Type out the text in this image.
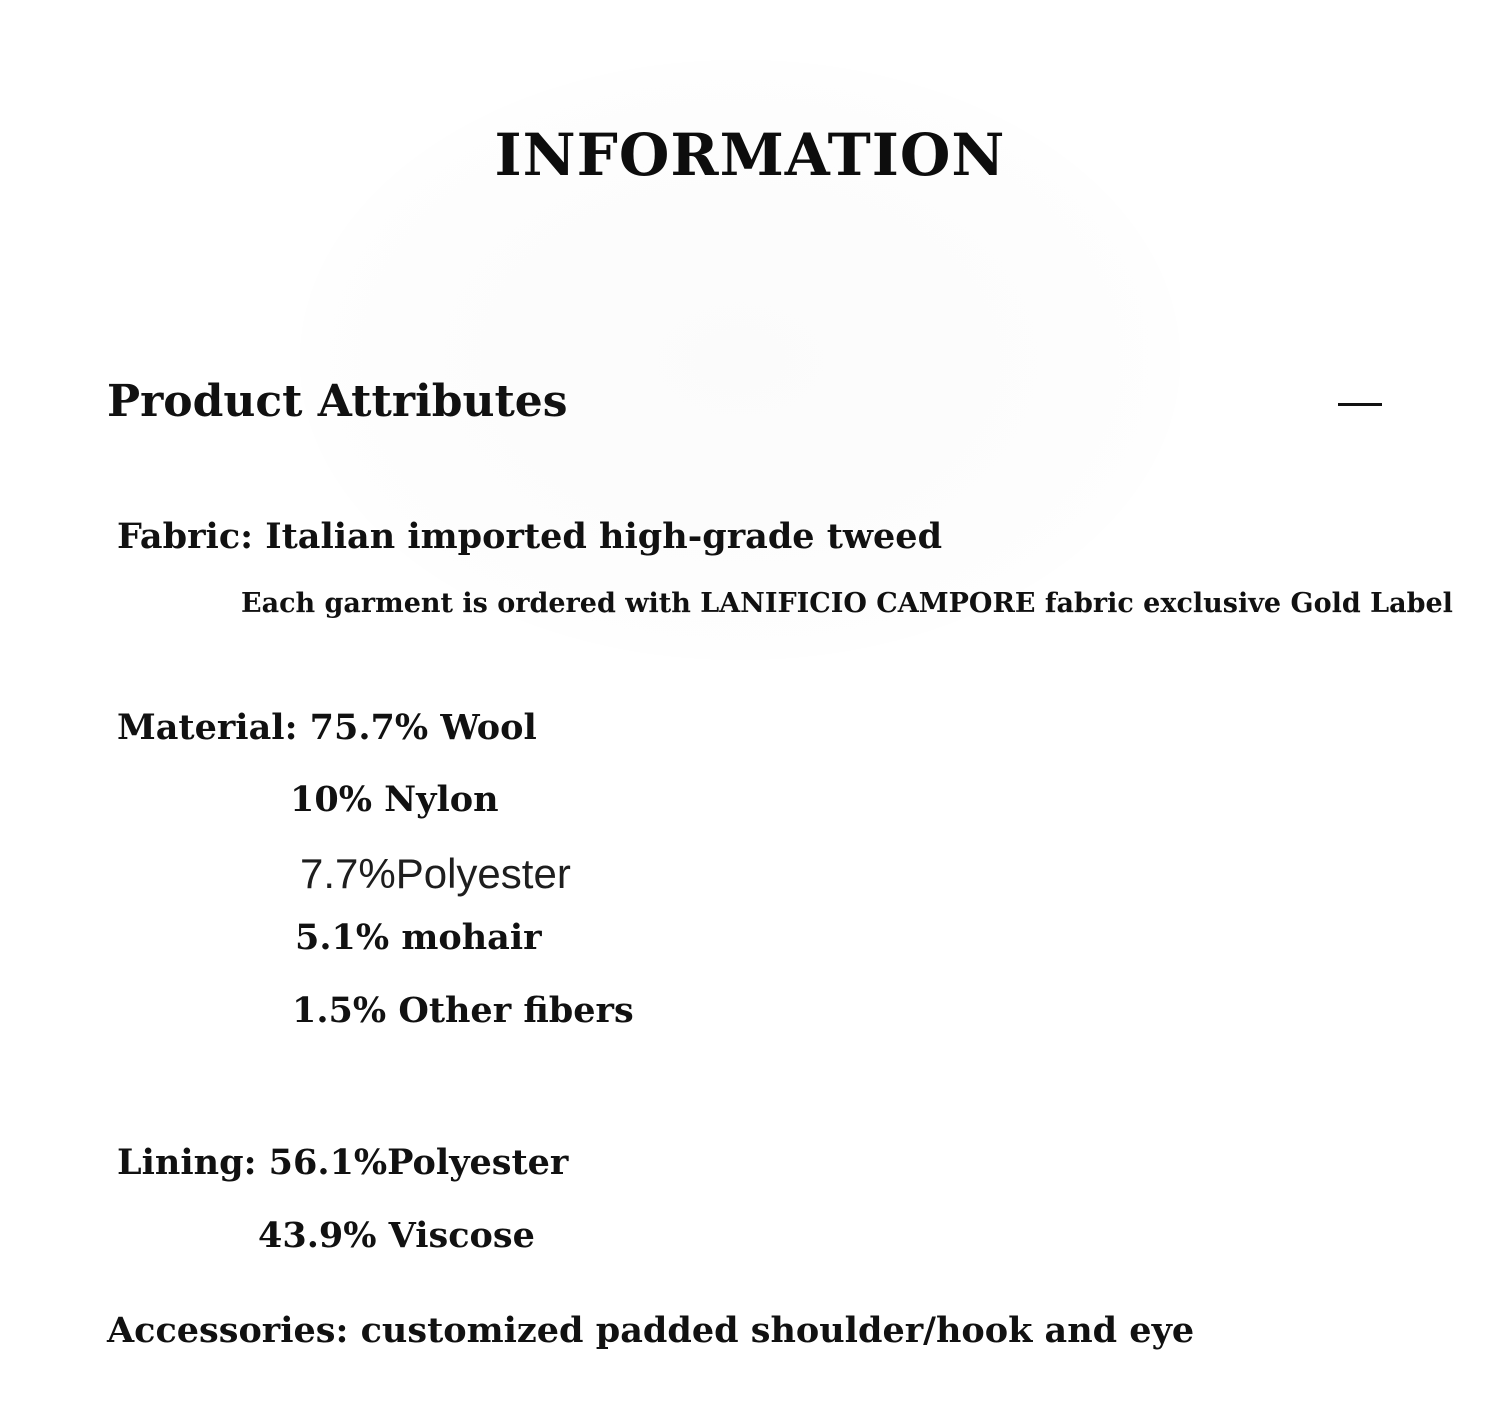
INFORMATION
Product Attributes
Fabric: Italian imported high-grade tweed
Each garment is ordered with LANIFICIO CAMPORE fabric exclusive Gold Label
Material: 75.7% Wool
10% Nylon
7.7%Polyester
5.1% mohair
1.5% Other fibers
Lining: 56.1%Polyester
43.9% Viscose
Accessories: customized padded shoulder/hook and eye
